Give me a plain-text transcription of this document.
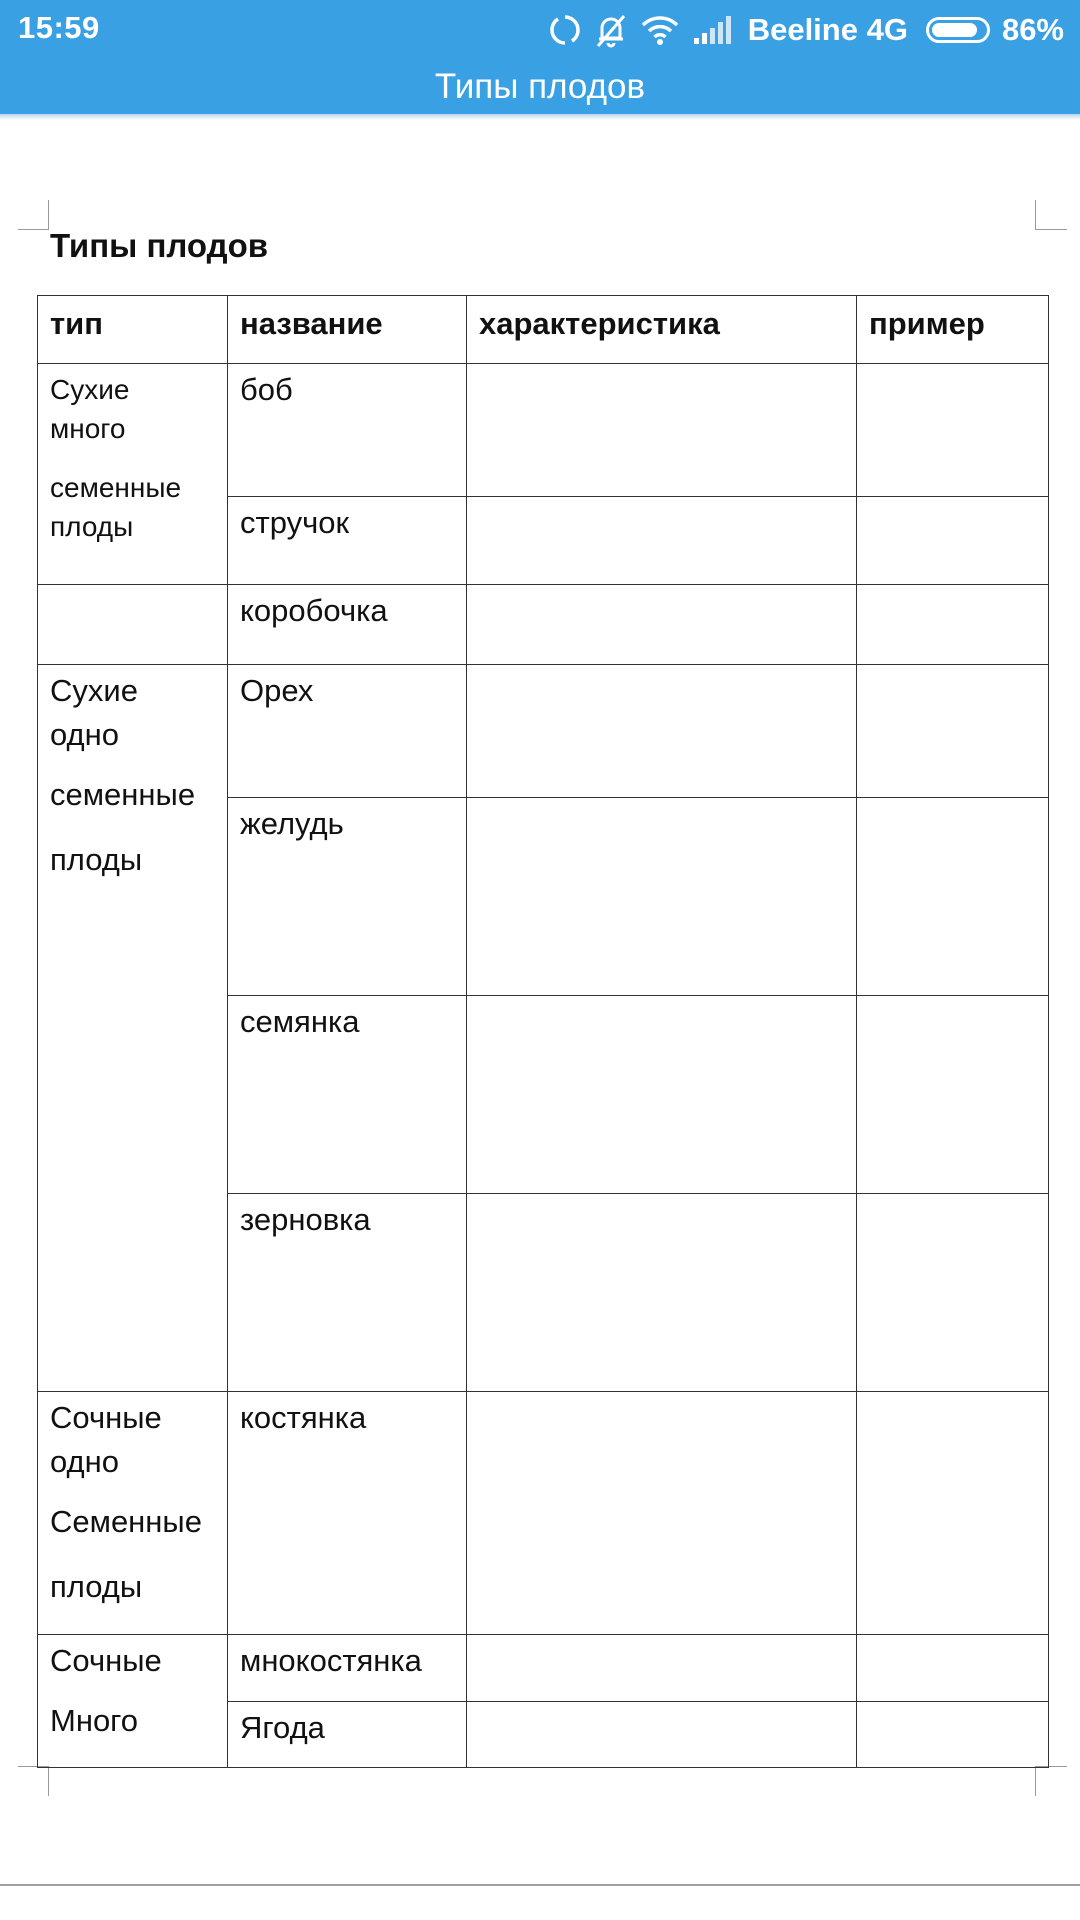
15:59	Beeline 4G	86%
Типы плодов
Типы плодов
тип	название	характеристика	пример

Сухие
много
семенные
плоды	боб		
	стручок		
	коробочка		

Сухие
одно
семенные
плоды	Орех		
	желудь		
	семянка		
	зерновка		

Сочные
одно
Семенные
плоды	костянка		

Сочные
Много	мнокостянка		
	Ягода		
